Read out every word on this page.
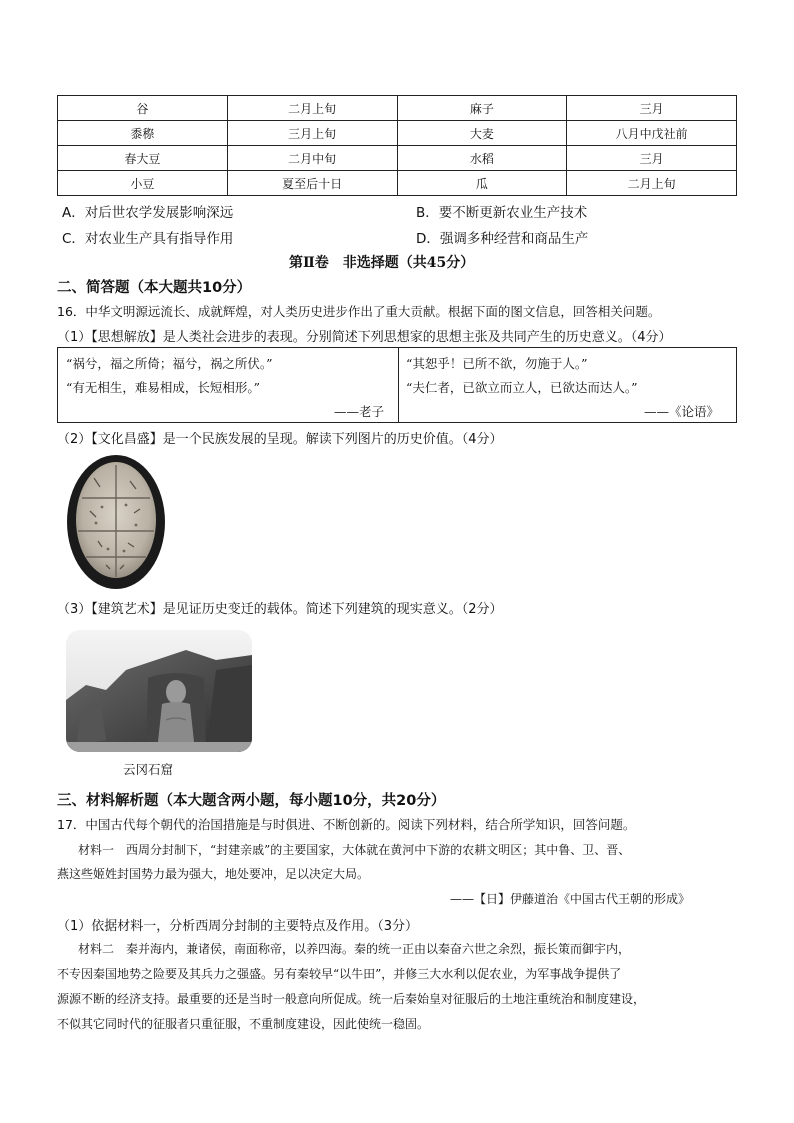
谷	二月上旬	麻子	三月
黍穄	三月上旬	大麦	八月中戊社前
春大豆	二月中旬	水稻	三月
小豆	夏至后十日	瓜	二月上旬
A．对后世农学发展影响深远	B．要不断更新农业生产技术
C．对农业生产具有指导作用	D．强调多种经营和商品生产
第Ⅱ卷　非选择题（共45分）
二、简答题（本大题共10分）
16．中华文明源远流长、成就辉煌，对人类历史进步作出了重大贡献。根据下面的图文信息，回答相关问题。
（1）【思想解放】是人类社会进步的表现。分别简述下列思想家的思想主张及共同产生的历史意义。（4分）
“祸兮，福之所倚；福兮，祸之所伏。”
“有无相生，难易相成，长短相形。”
——老子
“其恕乎！已所不欲，勿施于人。”
“夫仁者，已欲立而立人，已欲达而达人。”
——《论语》
（2）【文化昌盛】是一个民族发展的呈现。解读下列图片的历史价值。（4分）
（3）【建筑艺术】是见证历史变迁的载体。简述下列建筑的现实意义。（2分）
云冈石窟
三、材料解析题（本大题含两小题，每小题10分，共20分）
17．中国古代每个朝代的治国措施是与时俱进、不断创新的。阅读下列材料，结合所学知识，回答问题。
材料一　西周分封制下，“封建亲戚”的主要国家，大体就在黄河中下游的农耕文明区；其中鲁、卫、晋、
燕这些姬姓封国势力最为强大，地处要冲，足以决定大局。
——【日】伊藤道治《中国古代王朝的形成》
（1）依据材料一，分析西周分封制的主要特点及作用。（3分）
材料二　秦并海内，兼诸侯，南面称帝，以养四海。秦的统一正由以秦奋六世之余烈，振长策而御宇内，
不专因秦国地势之险要及其兵力之强盛。另有秦较早“以牛田”，并修三大水利以促农业，为军事战争提供了
源源不断的经济支持。最重要的还是当时一般意向所促成。统一后秦始皇对征服后的土地注重统治和制度建设，
不似其它同时代的征服者只重征服，不重制度建设，因此使统一稳固。
